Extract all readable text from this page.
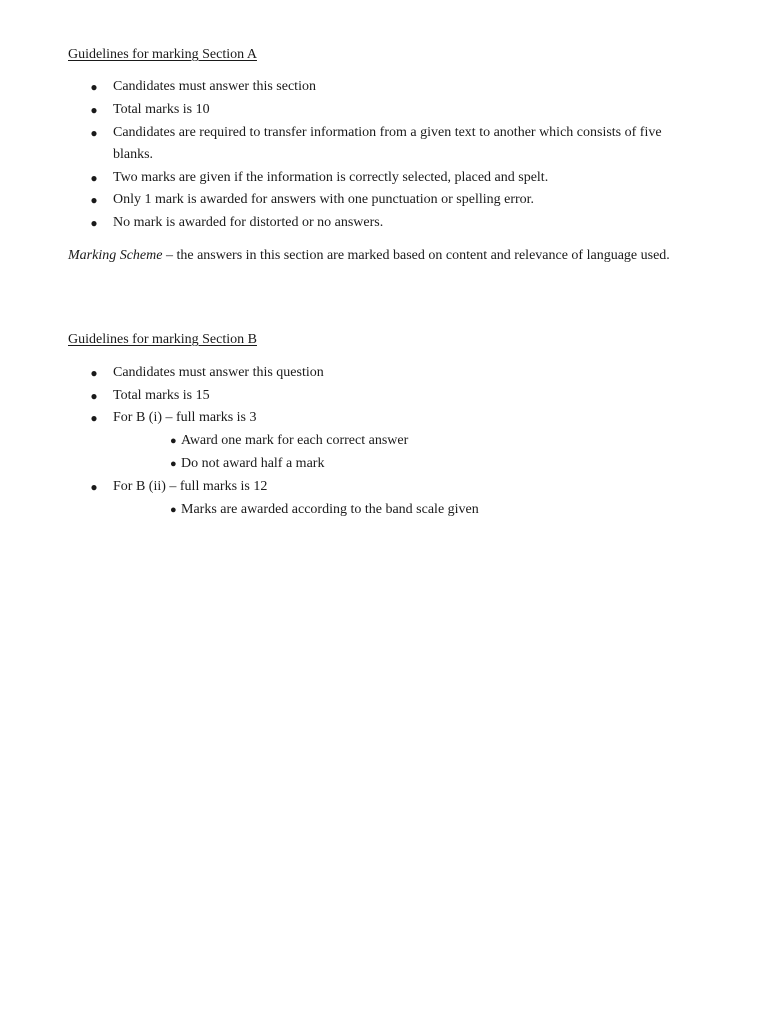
Guidelines for marking Section A
● Candidates must answer this section
● Total marks is 10
● Candidates are required to transfer information from a given text to another which consists of five blanks.
● Two marks are given if the information is correctly selected, placed and spelt.
● Only 1 mark is awarded for answers with one punctuation or spelling error.
● No mark is awarded for distorted or no answers.
Marking Scheme – the answers in this section are marked based on content and relevance of language used.
Guidelines for marking Section B
● Candidates must answer this question
● Total marks is 15
● For B (i) – full marks is 3
● Award one mark for each correct answer
● Do not award half a mark
● For B (ii) – full marks is 12
● Marks are awarded according to the band scale given
